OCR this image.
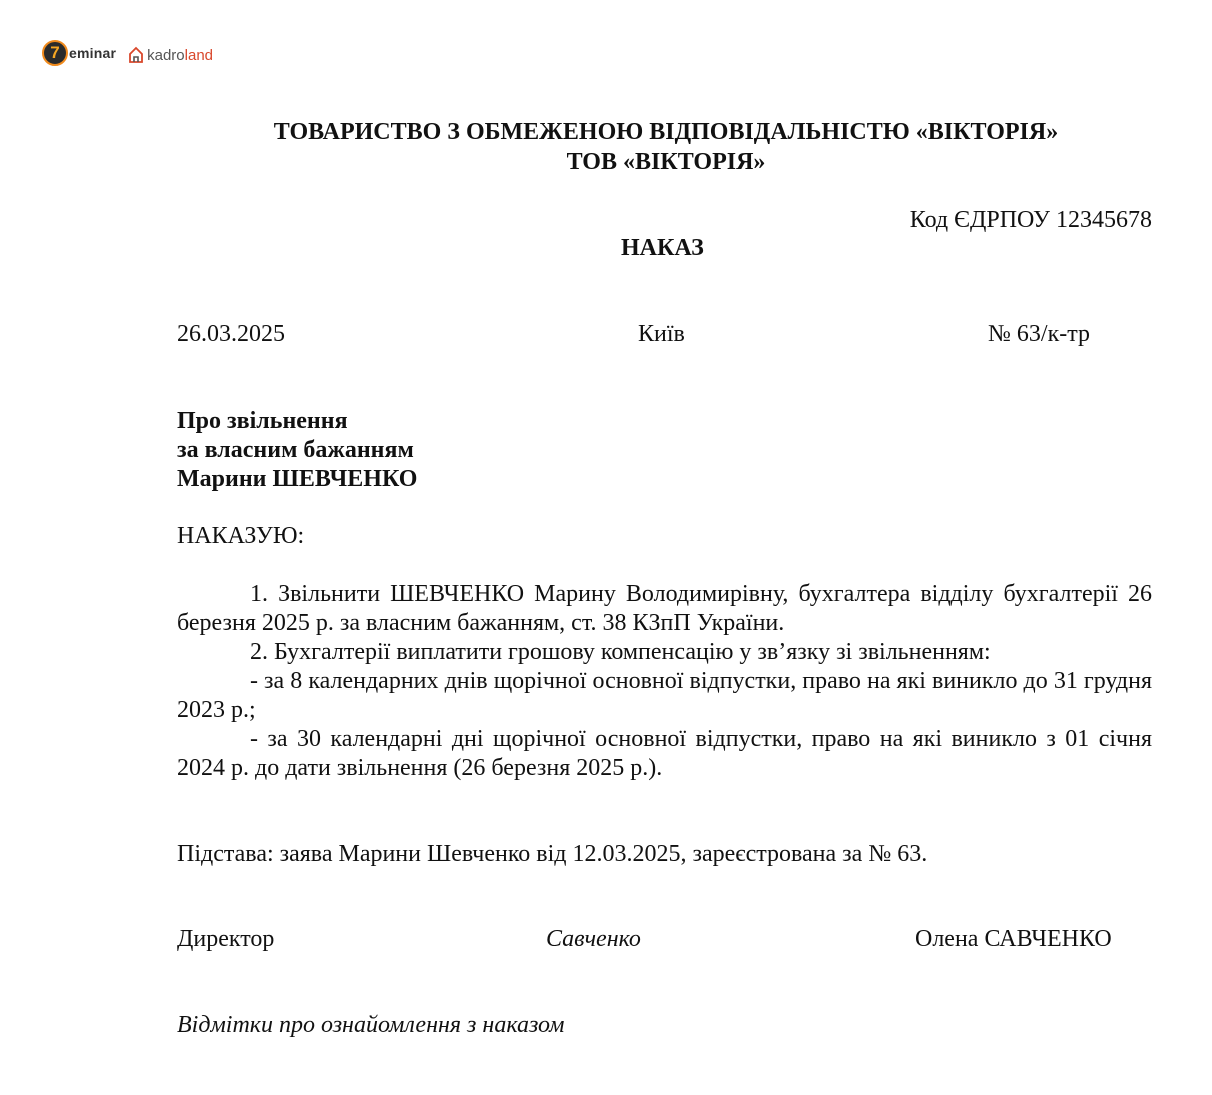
7 eminar kadroland
ТОВАРИСТВО З ОБМЕЖЕНОЮ ВІДПОВІДАЛЬНІСТЮ «ВІКТОРІЯ»
ТОВ «ВІКТОРІЯ»
Код ЄДРПОУ 12345678
НАКАЗ
26.03.2025	Київ	№ 63/к-тр
Про звільнення
за власним бажанням
Марини ШЕВЧЕНКО
НАКАЗУЮ:
1. Звільнити ШЕВЧЕНКО Марину Володимирівну, бухгалтера відділу бухгалтерії 26 березня 2025 р. за власним бажанням, ст. 38 КЗпП України.
2. Бухгалтерії виплатити грошову компенсацію у зв’язку зі звільненням:
- за 8 календарних днів щорічної основної відпустки, право на які виникло до 31 грудня 2023 р.;
- за 30 календарні дні щорічної основної відпустки, право на які виникло з 01 січня 2024 р. до дати звільнення (26 березня 2025 р.).
Підстава: заява Марини Шевченко від 12.03.2025, зареєстрована за № 63.
Директор	Савченко	Олена САВЧЕНКО
Відмітки про ознайомлення з наказом
